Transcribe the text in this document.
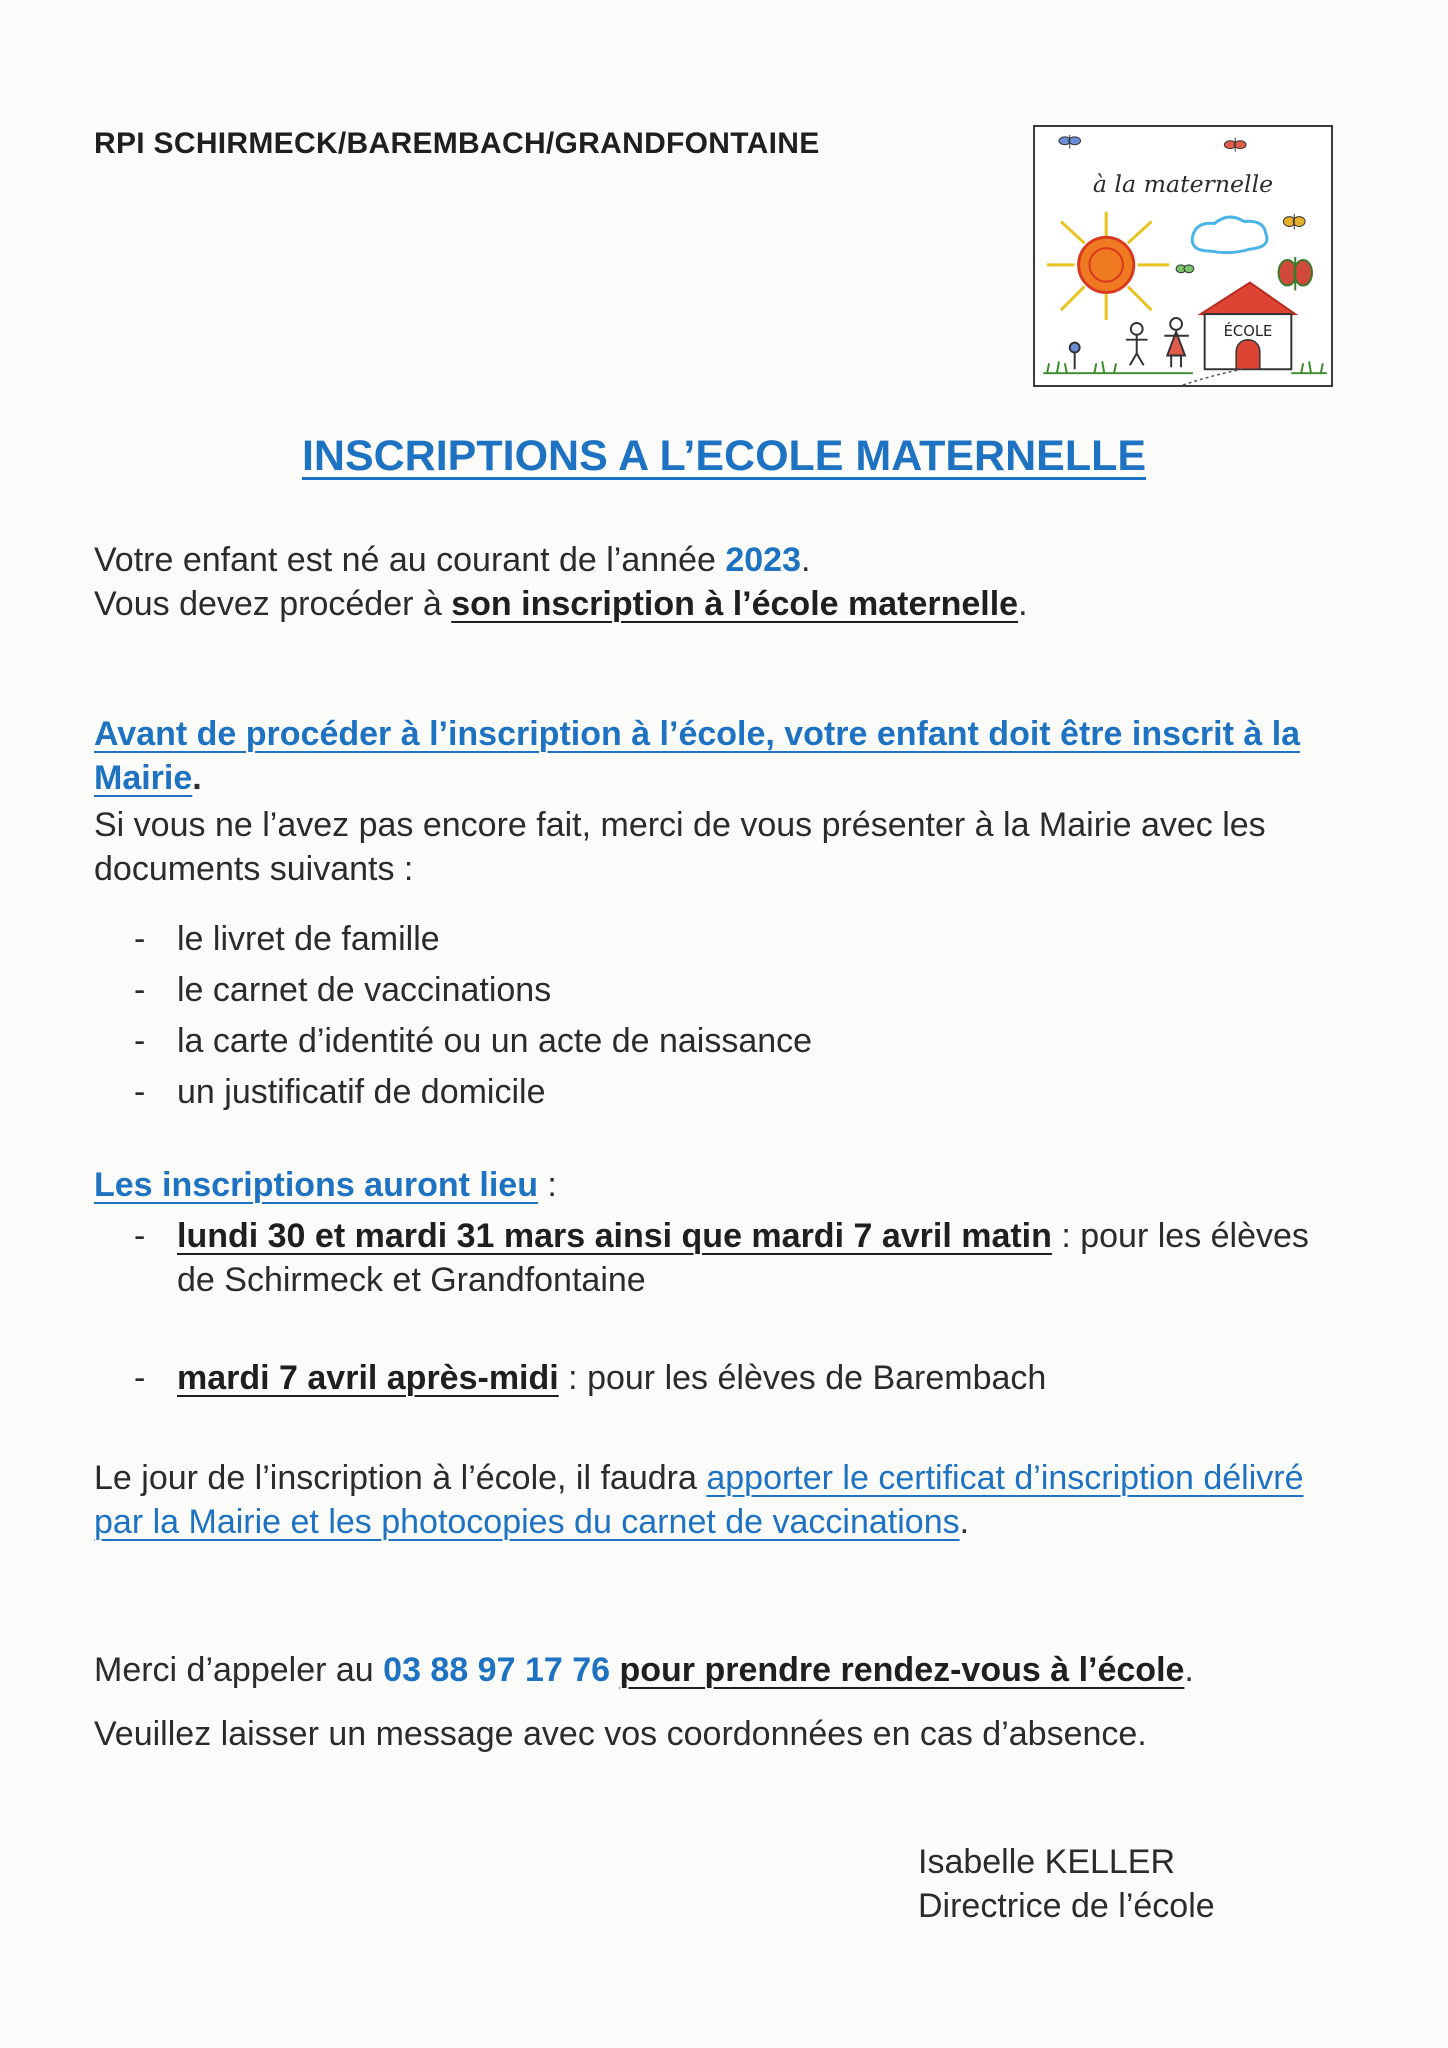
RPI SCHIRMECK/BAREMBACH/GRANDFONTAINE
à la maternelle
ÉCOLE
INSCRIPTIONS A L’ECOLE MATERNELLE
Votre enfant est né au courant de l’année 2023.
Vous devez procéder à son inscription à l’école maternelle.
Avant de procéder à l’inscription à l’école, votre enfant doit être inscrit à la Mairie.
Si vous ne l’avez pas encore fait, merci de vous présenter à la Mairie avec les documents suivants :
- le livret de famille
- le carnet de vaccinations
- la carte d’identité ou un acte de naissance
- un justificatif de domicile
Les inscriptions auront lieu :
- lundi 30 et mardi 31 mars ainsi que mardi 7 avril matin : pour les élèves de Schirmeck et Grandfontaine
- mardi 7 avril après-midi : pour les élèves de Barembach
Le jour de l’inscription à l’école, il faudra apporter le certificat d’inscription délivré par la Mairie et les photocopies du carnet de vaccinations.
Merci d’appeler au 03 88 97 17 76 pour prendre rendez-vous à l’école.
Veuillez laisser un message avec vos coordonnées en cas d’absence.
Isabelle KELLER
Directrice de l’école
